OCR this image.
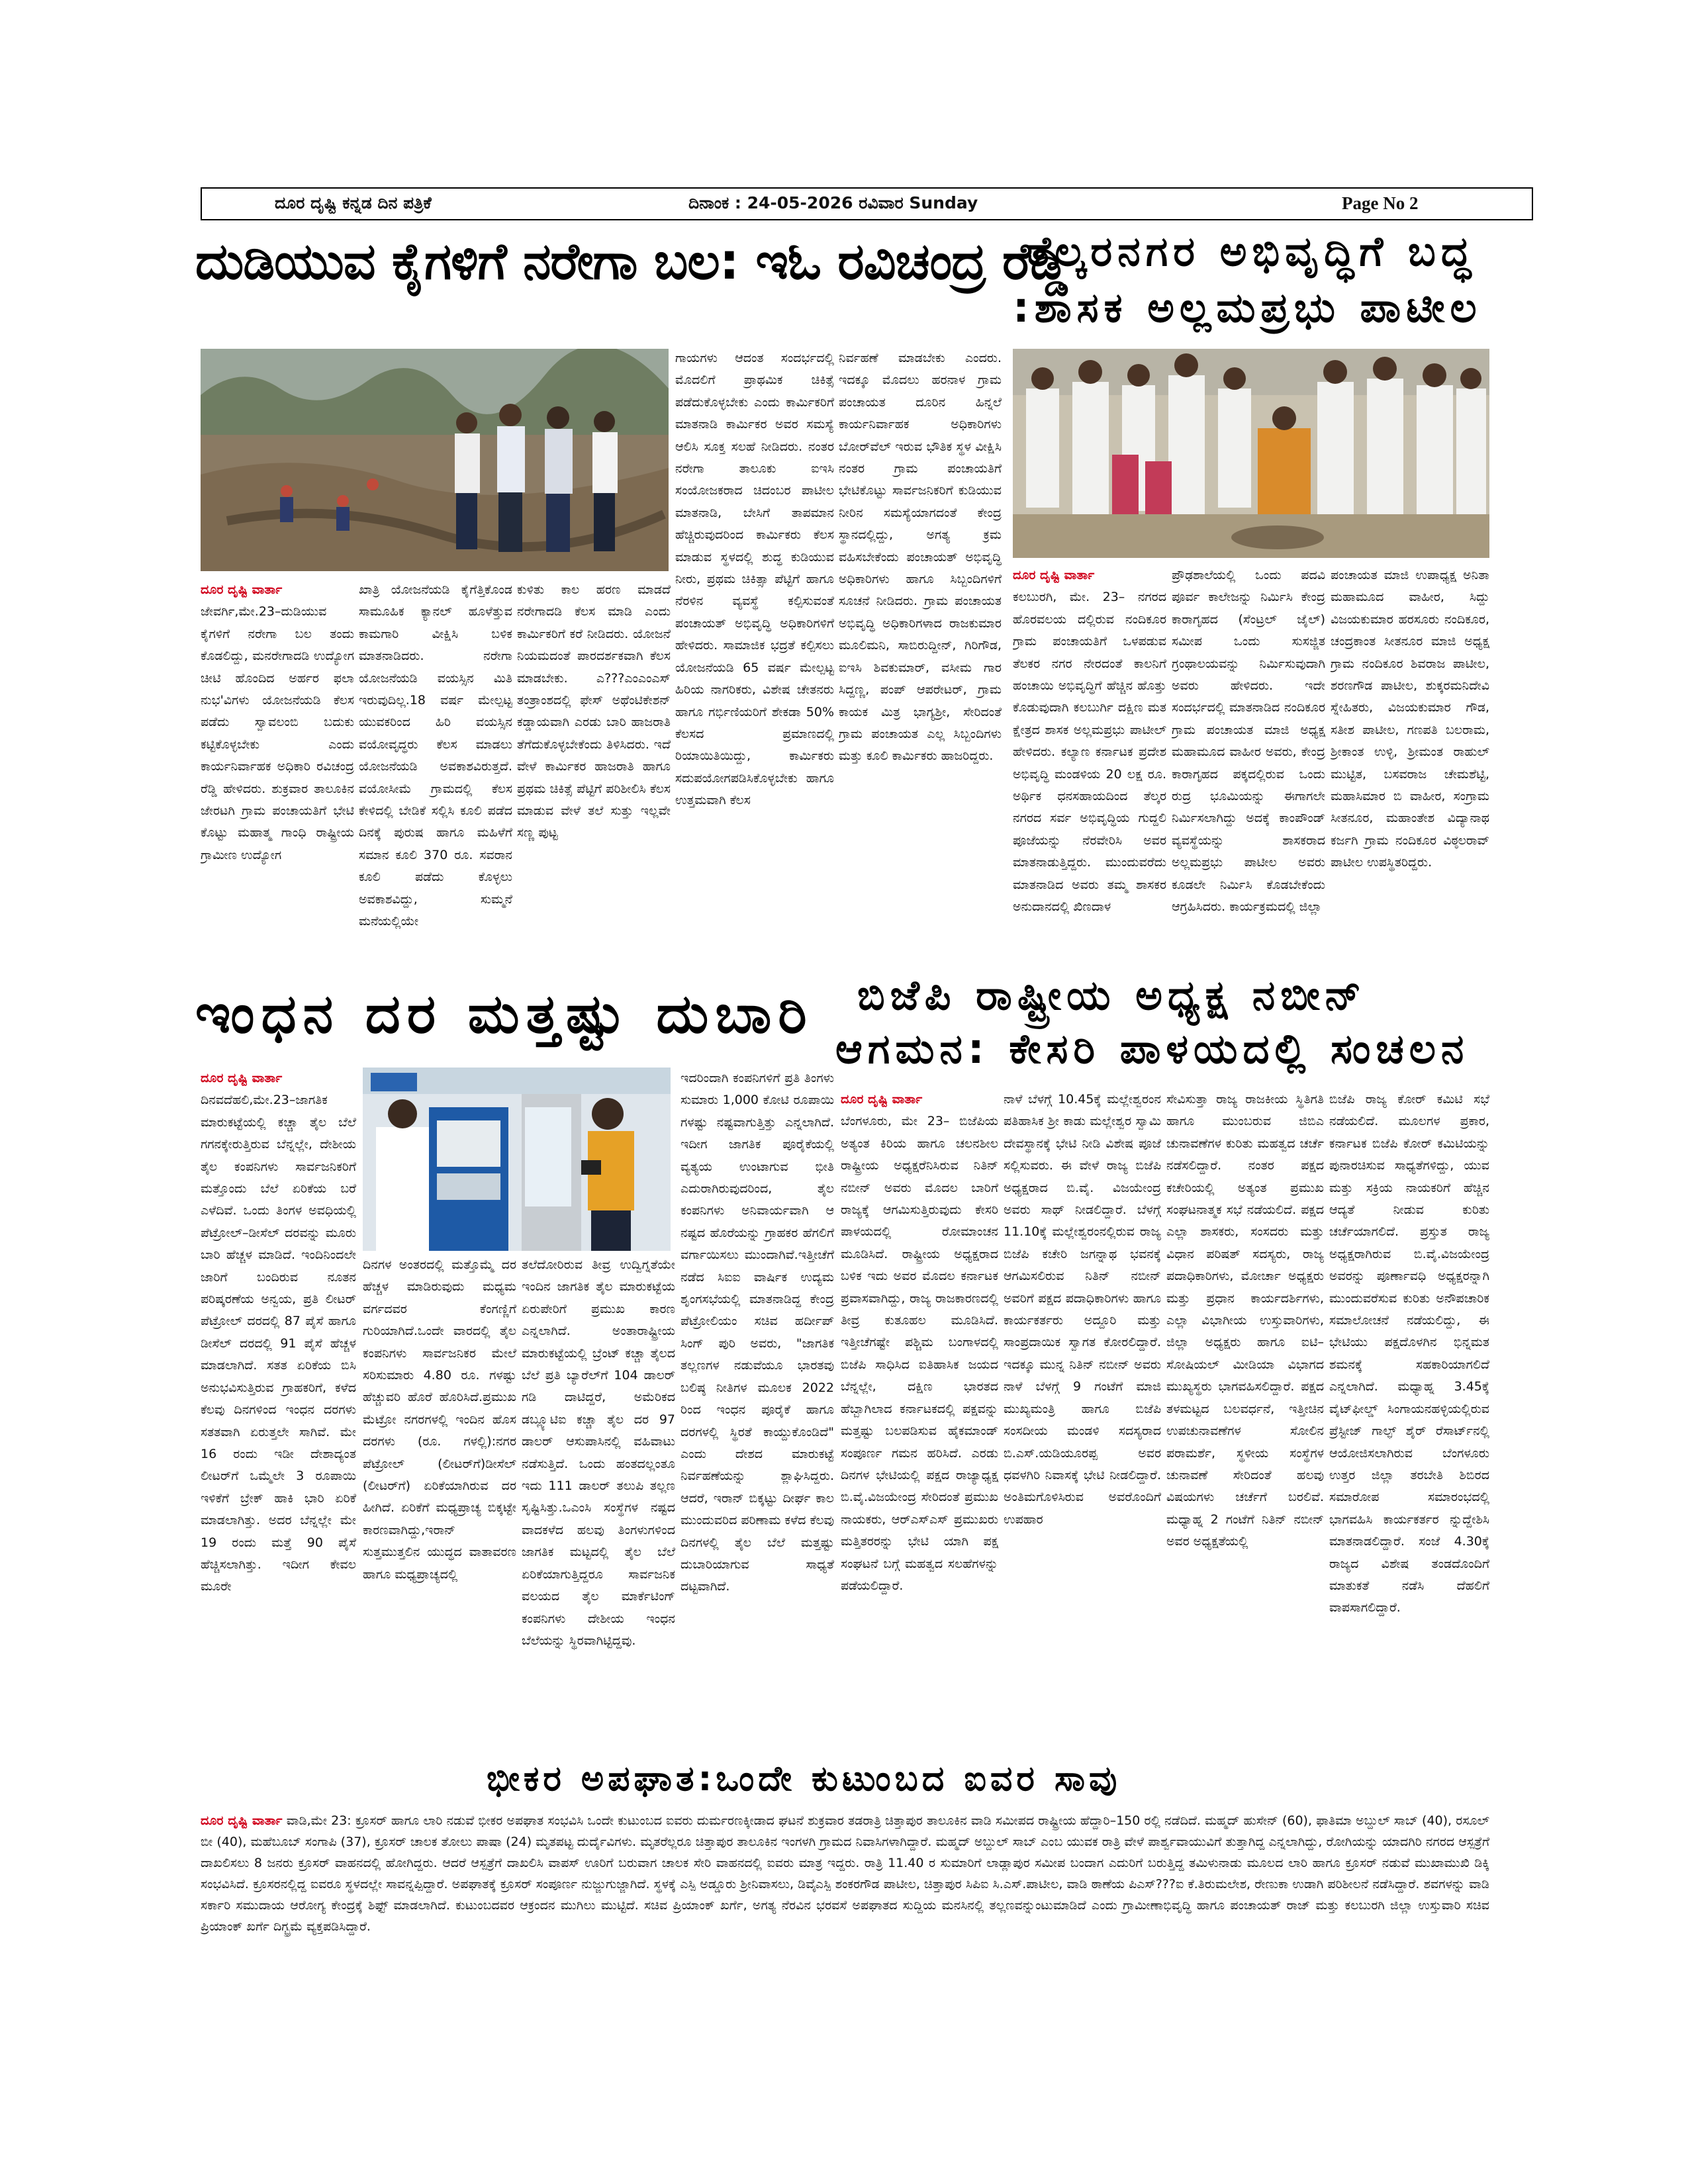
ದೂರ ದೃಷ್ಟಿ ಕನ್ನಡ ದಿನ ಪತ್ರಿಕೆ	ದಿನಾಂಕ : 24-05-2026 ರವಿವಾರ Sunday	Page No 2
ದುಡಿಯುವ ಕೈಗಳಿಗೆ ನರೇಗಾ ಬಲ: ಇಓ ರವಿಚಂದ್ರ ರೆಡ್ಡಿ
ತೆಲ್ಕರನಗರ ಅಭಿವೃದ್ಧಿಗೆ ಬದ್ಧ
:ಶಾಸಕ ಅಲ್ಲಮಪ್ರಭು ಪಾಟೀಲ

ದೂರ ದೃಷ್ಟಿ ವಾರ್ತಾ

ಜೇವರ್ಗಿ,ಮೇ.23–ದುಡಿಯುವ ಕೈಗಳಿಗೆ ನರೇಗಾ ಬಲ ತಂದು ಕೊಡಲಿದ್ದು, ಮನರೇಗಾದಡಿ ಉದ್ಯೋಗ ಚೀಟಿ ಹೊಂದಿದ ಅರ್ಹರ ಫಲಾ ನುಭ'ವಿಗಳು ಯೋಜನೆಯಡಿ ಕೆಲಸ ಪಡೆದು ಸ್ವಾವಲಂಬಿ ಬದುಕು ಕಟ್ಟಿಕೊಳ್ಳಬೇಕು ಎಂದು ಕಾರ್ಯನಿರ್ವಾಹಕ ಅಧಿಕಾರಿ ರವಿಚಂದ್ರ ರೆಡ್ಡಿ ಹೇಳಿದರು. ಶುಕ್ರವಾರ ತಾಲೂಕಿನ ಜೇರಟಗಿ ಗ್ರಾಮ ಪಂಚಾಯತಿಗೆ ಭೇಟಿ ಕೊಟ್ಟು ಮಹಾತ್ಮ ಗಾಂಧಿ ರಾಷ್ಟ್ರೀಯ ಗ್ರಾಮೀಣ ಉದ್ಯೋಗ

ಖಾತ್ರಿ ಯೋಜನೆಯಡಿ ಕೈಗೆತ್ತಿಕೊಂಡ ಸಾಮೂಹಿಕ ಕ್ಯಾನಲ್ ಹೂಳೆತ್ತುವ ಕಾಮಗಾರಿ ವೀಕ್ಷಿಸಿ ಬಳಿಕ ಮಾತನಾಡಿದರು. ನರೇಗಾ ಯೋಜನೆಯಡಿ ವಯಸ್ಸಿನ ಮಿತಿ ಇರುವುದಿಲ್ಲ.18 ವರ್ಷ ಮೇಲ್ಪಟ್ಟ ಯುವಕರಿಂದ ಹಿರಿ ವಯಸ್ಸಿನ ವಯೋವೃದ್ಧರು ಕೆಲಸ ಮಾಡಲು ಯೋಜನೆಯಡಿ ಅವಕಾಶವಿರುತ್ತದೆ. ವಯೋಸೀಮೆ ಗ್ರಾಮದಲ್ಲಿ ಕೆಲಸ ಕೇಳಿದಲ್ಲಿ ಬೇಡಿಕೆ ಸಲ್ಲಿಸಿ ಕೂಲಿ ಪಡೆದ ದಿನಕ್ಕೆ ಪುರುಷ ಹಾಗೂ ಮಹಿಳೆಗೆ ಸಮಾನ ಕೂಲಿ 370 ರೂ. ಸವರಾನ ಕೂಲಿ ಪಡೆದು ಕೊಳ್ಳಲು ಅವಕಾಶವಿದ್ದು, ಸುಮ್ಮನೆ ಮನೆಯಲ್ಲಿಯೇ

ಕುಳಿತು ಕಾಲ ಹರಣ ಮಾಡದೆ ನರೇಗಾದಡಿ ಕೆಲಸ ಮಾಡಿ ಎಂದು ಕಾರ್ಮಿಕರಿಗೆ ಕರೆ ನೀಡಿದರು. ಯೋಜನೆ ನಿಯಮದಂತೆ ಪಾರದರ್ಶಕವಾಗಿ ಕೆಲಸ ಮಾಡಬೇಕು. ಎ???ಎಂಎಂಎಸ್ ತಂತ್ರಾಂಶದಲ್ಲಿ ಫೇಸ್ ಅಥೆಂಟಿಕೇಶನ್ ಕಡ್ಡಾಯವಾಗಿ ಎರಡು ಬಾರಿ ಹಾಜರಾತಿ ತೆಗೆದುಕೊಳ್ಳಬೇಕೆಂದು ತಿಳಿಸಿದರು. ಇದೆ ವೇಳೆ ಕಾರ್ಮಿಕರ ಹಾಜರಾತಿ ಹಾಗೂ ಪ್ರಥಮ ಚಿಕಿತ್ಸೆ ಪೆಟ್ಟಿಗೆ ಪರಿಶೀಲಿಸಿ ಕೆಲಸ ಮಾಡುವ ವೇಳೆ ತಲೆ ಸುತ್ತು ಇಲ್ಲವೇ ಸಣ್ಣ ಪುಟ್ಟ

ಗಾಯಗಳು ಆದಂತ ಸಂದರ್ಭದಲ್ಲಿ ಮೊದಲಿಗೆ ಪ್ರಾಥಮಿಕ ಚಿಕಿತ್ಸೆ ಪಡೆದುಕೊಳ್ಳಬೇಕು ಎಂದು ಕಾರ್ಮಿಕರಿಗೆ ಮಾತನಾಡಿ ಕಾರ್ಮಿಕರ ಅವರ ಸಮಸ್ಯೆ ಆಲಿಸಿ ಸೂಕ್ತ ಸಲಹೆ ನೀಡಿದರು. ನಂತರ ನರೇಗಾ ತಾಲೂಕು ಐಇಸಿ ಸಂಯೋಜಕರಾದ ಚಿದಂಬರ ಪಾಟೀಲ ಮಾತನಾಡಿ, ಬೇಸಿಗೆ ತಾಪಮಾನ ಹೆಚ್ಚಿರುವುದರಿಂದ ಕಾರ್ಮಿಕರು ಕೆಲಸ ಮಾಡುವ ಸ್ಥಳದಲ್ಲಿ ಶುದ್ಧ ಕುಡಿಯುವ ನೀರು, ಪ್ರಥಮ ಚಿಕಿತ್ಸಾ ಪೆಟ್ಟಿಗೆ ಹಾಗೂ ನೆರಳಿನ ವ್ಯವಸ್ಥೆ ಕಲ್ಪಿಸುವಂತೆ ಪಂಚಾಯತ್ ಅಭಿವೃದ್ಧಿ ಅಧಿಕಾರಿಗಳಿಗೆ ಹೇಳಿದರು. ಸಾಮಾಜಿಕ ಭದ್ರತೆ ಕಲ್ಪಿಸಲು ಯೋಜನೆಯಡಿ 65 ವರ್ಷ ಮೇಲ್ಪಟ್ಟ ಹಿರಿಯ ನಾಗರಿಕರು, ವಿಶೇಷ ಚೇತನರು ಹಾಗೂ ಗರ್ಭಿಣಿಯರಿಗೆ ಶೇಕಡಾ 50% ಕೆಲಸದ ಪ್ರಮಾಣದಲ್ಲಿ ರಿಯಾಯಿತಿಯಿದ್ದು, ಕಾರ್ಮಿಕರು ಸದುಪಯೋಗಪಡಿಸಿಕೊಳ್ಳಬೇಕು ಹಾಗೂ ಉತ್ತಮವಾಗಿ ಕೆಲಸ

ನಿರ್ವಹಣೆ ಮಾಡಬೇಕು ಎಂದರು. ಇದಕ್ಕೂ ಮೊದಲು ಹರನಾಳ ಗ್ರಾಮ ಪಂಚಾಯತ ದೂರಿನ ಹಿನ್ನಲೆ ಕಾರ್ಯನಿರ್ವಾಹಕ ಅಧಿಕಾರಿಗಳು ಬೋರ್‌ವೆಲ್ ಇರುವ ಭೌತಿಕ ಸ್ಥಳ ವೀಕ್ಷಿಸಿ ನಂತರ ಗ್ರಾಮ ಪಂಚಾಯತಿಗೆ ಭೇಟಿಕೊಟ್ಟು ಸಾರ್ವಜನಿಕರಿಗೆ ಕುಡಿಯುವ ನೀರಿನ ಸಮಸ್ಯೆಯಾಗದಂತೆ ಕೇಂದ್ರ ಸ್ಥಾನದಲ್ಲಿದ್ದು, ಅಗತ್ಯ ಕ್ರಮ ವಹಿಸಬೇಕೆಂದು ಪಂಚಾಯತ್ ಅಭಿವೃದ್ಧಿ ಅಧಿಕಾರಿಗಳು ಹಾಗೂ ಸಿಬ್ಬಂದಿಗಳಿಗೆ ಸೂಚನೆ ನೀಡಿದರು. ಗ್ರಾಮ ಪಂಚಾಯತ ಅಭಿವೃದ್ಧಿ ಅಧಿಕಾರಿಗಳಾದ ರಾಜಕುಮಾರ ಮೂಲಿಮನಿ, ಸಾಬಿರುದ್ದೀನ್, ಗಿರಿಗೌಡ, ಐಇಸಿ ಶಿವಕುಮಾರ್, ವಸೀಮ ಗಾರ ಸಿದ್ದಣ್ಣ, ಪಂಪ್ ಆಪರೇಟರ್, ಗ್ರಾಮ ಕಾಯಕ ಮಿತ್ರ ಭಾಗ್ಯಶ್ರೀ, ಸೇರಿದಂತೆ ಗ್ರಾಮ ಪಂಚಾಯತ ಎಲ್ಲ ಸಿಬ್ಬಂದಿಗಳು ಮತ್ತು ಕೂಲಿ ಕಾರ್ಮಿಕರು ಹಾಜರಿದ್ದರು.

ದೂರ ದೃಷ್ಟಿ ವಾರ್ತಾ

ಕಲಬುರಗಿ, ಮೇ. 23– ನಗರದ ಹೊರವಲಯ ದಲ್ಲಿರುವ ನಂದಿಕೂರ ಗ್ರಾಮ ಪಂಚಾಯತಿಗೆ ಒಳಪಡುವ ತೆಲಕರ ನಗರ ನೇರದಂತೆ ಕಾಲನಿಗೆ ಹಂಚಾಯಿ ಅಭಿವೃದ್ಧಿಗೆ ಹೆಚ್ಚಿನ ಹೊತ್ತು ಕೊಡುವುದಾಗಿ ಕಲಬುರ್ಗಿ ದಕ್ಷಿಣ ಮತ ಕ್ಷೇತ್ರದ ಶಾಸಕ ಅಲ್ಲಮಪ್ರಭು ಪಾಟೀಲ್ ಹೇಳಿದರು. ಕಲ್ಯಾಣ ಕರ್ನಾಟಕ ಪ್ರದೇಶ ಅಭಿವೃದ್ಧಿ ಮಂಡಳಿಯ 20 ಲಕ್ಷ ರೂ. ಅರ್ಥಿಕ ಧನಸಹಾಯದಿಂದ ತೆಲ್ಕರ ನಗರದ ಸರ್ವ ಅಭಿವೃದ್ಧಿಯ ಗುದ್ದಲಿ ಪೂಜೆಯನ್ನು ನೆರವೇರಿಸಿ ಅವರ ಮಾತನಾಡುತ್ತಿದ್ದರು. ಮುಂದುವರೆದು ಮಾತನಾಡಿದ ಅವರು ತಮ್ಮ ಶಾಸಕರ ಅನುದಾನದಲ್ಲಿ ಖಿಣದಾಳ

ಪ್ರೌಢಶಾಲೆಯಲ್ಲಿ ಒಂದು ಪದವಿ ಪೂರ್ವ ಕಾಲೇಜನ್ನು ನಿರ್ಮಿಸಿ ಕೇಂದ್ರ ಕಾರಾಗೃಹದ (ಸೆಂಟ್ರಲ್ ಜೈಲ್) ಸಮೀಪ ಒಂದು ಸುಸಜ್ಜಿತ ಗ್ರಂಥಾಲಯವನ್ನು ನಿರ್ಮಿಸುವುದಾಗಿ ಅವರು ಹೇಳಿದರು. ಇದೇ ಸಂದರ್ಭದಲ್ಲಿ ಮಾತನಾಡಿದ ನಂದಿಕೂರ ಗ್ರಾಮ ಪಂಚಾಯತ ಮಾಜಿ ಅಧ್ಯಕ್ಷ ಮಹಾಮೂದ ವಾಹೀರ ಅವರು, ಕೇಂದ್ರ ಕಾರಾಗೃಹದ ಪಕ್ಕದಲ್ಲಿರುವ ಒಂದು ರುದ್ರ ಭೂಮಿಯನ್ನು ಈಗಾಗಲೇ ನಿರ್ಮಿಸಲಾಗಿದ್ದು ಅದಕ್ಕೆ ಕಾಂಪೌಂಡ್ ವ್ಯವಸ್ಥೆಯನ್ನು ಶಾಸಕರಾದ ಅಲ್ಲಮಪ್ರಭು ಪಾಟೀಲ ಅವರು ಕೂಡಲೇ ನಿರ್ಮಿಸಿ ಕೊಡಬೇಕೆಂದು ಆಗ್ರಹಿಸಿದರು. ಕಾರ್ಯಕ್ರಮದಲ್ಲಿ ಜಿಲ್ಲಾ

ಪಂಚಾಯತ ಮಾಜಿ ಉಪಾಧ್ಯಕ್ಷ ಅನಿತಾ ಮಹಾಮೂದ ವಾಹೀರ, ಸಿದ್ದು ವಿಜಯಕುಮಾರ ಹರಸೂರು ನಂದಿಕೂರ, ಚಂದ್ರಕಾಂತ ಸೀತನೂರ ಮಾಜಿ ಅಧ್ಯಕ್ಷ ಗ್ರಾಮ ನಂದಿಕೂರ ಶಿವರಾಜ ಪಾಟೀಲ, ಶರಣಗೌಡ ಪಾಟೀಲ, ಶುಕ್ಕರಮನಿದೇವಿ ಸ್ನೇಹಿತರು, ವಿಜಯಕುಮಾರ ಗೌಡ, ಸತೀಶ ಪಾಟೀಲ, ಗಣಪತಿ ಬಲರಾಮ, ಶ್ರೀಕಾಂತ ಉಳ್ಳಿ, ಶ್ರೀಮಂತ ರಾಹುಲ್ ಮುಟ್ಟಿತ, ಬಸವರಾಜ ಚೇಮಶೆಟ್ಟಿ, ಮಹಾಸಿಮಾರ ಬಿ ವಾಹೀರ, ಸಂಗ್ರಾಮ ಸೀತನೂರ, ಮಹಾಂತೇಶ ವಿದ್ಯಾನಾಥ ಕರ್ಜಗಿ ಗ್ರಾಮ ನಂದಿಕೂರ ವಿಠ್ಠಲರಾವ್ ಪಾಟೀಲ ಉಪಸ್ಥಿತರಿದ್ದರು.

ಇಂಧನ ದರ ಮತ್ತಷ್ಟು ದುಬಾರಿ ಬಿಜೆಪಿ ರಾಷ್ಟ್ರೀಯ ಅಧ್ಯಕ್ಷ ನಬೀನ್
ಆಗಮನ: ಕೇಸರಿ ಪಾಳಯದಲ್ಲಿ ಸಂಚಲನ

ದೂರ ದೃಷ್ಟಿ ವಾರ್ತಾ

ದಿನವದೆಹಲಿ,ಮೇ.23–ಜಾಗತಿಕ ಮಾರುಕಟ್ಟೆಯಲ್ಲಿ ಕಚ್ಚಾ ತೈಲ ಬೆಲೆ ಗಗನಕ್ಕೇರುತ್ತಿರುವ ಬೆನ್ನಲ್ಲೇ, ದೇಶೀಯ ತೈಲ ಕಂಪನಿಗಳು ಸಾರ್ವಜನಿಕರಿಗೆ ಮತ್ತೊಂದು ಬೆಲೆ ಏರಿಕೆಯ ಬರೆ ಎಳೆದಿವೆ. ಒಂದು ತಿಂಗಳ ಅವಧಿಯಲ್ಲಿ ಪೆಟ್ರೋಲ್–ಡೀಸೆಲ್ ದರವನ್ನು ಮೂರು ಬಾರಿ ಹೆಚ್ಚಳ ಮಾಡಿದೆ. ಇಂದಿನಿಂದಲೇ ಜಾರಿಗೆ ಬಂದಿರುವ ನೂತನ ಪರಿಷ್ಕರಣೆಯ ಅನ್ವಯ, ಪ್ರತಿ ಲೀಟರ್ ಪೆಟ್ರೋಲ್ ದರದಲ್ಲಿ 87 ಪೈಸೆ ಹಾಗೂ ಡೀಸೆಲ್ ದರದಲ್ಲಿ 91 ಪೈಸೆ ಹೆಚ್ಚಳ ಮಾಡಲಾಗಿದೆ. ಸತತ ಏರಿಕೆಯ ಬಿಸಿ ಅನುಭವಿಸುತ್ತಿರುವ ಗ್ರಾಹಕರಿಗೆ, ಕಳೆದ ಕೆಲವು ದಿನಗಳಿಂದ ಇಂಧನ ದರಗಳು ಸತತವಾಗಿ ಏರುತ್ತಲೇ ಸಾಗಿವೆ. ಮೇ 16 ರಂದು ಇಡೀ ದೇಶಾದ್ಯಂತ ಲೀಟರ್‌ಗೆ ಒಮ್ಮೆಲೇ 3 ರೂಪಾಯಿ ಇಳಿಕೆಗೆ ಬ್ರೇಕ್ ಹಾಕಿ ಭಾರಿ ಏರಿಕೆ ಮಾಡಲಾಗಿತ್ತು. ಅದರ ಬೆನ್ನಲ್ಲೇ ಮೇ 19 ರಂದು ಮತ್ತೆ 90 ಪೈಸೆ ಹೆಚ್ಚಿಸಲಾಗಿತ್ತು. ಇದೀಗ ಕೇವಲ ಮೂರೇ

ದಿನಗಳ ಅಂತರದಲ್ಲಿ ಮತ್ತೊಮ್ಮೆ ದರ ಹೆಚ್ಚಳ ಮಾಡಿರುವುದು ಮಧ್ಯಮ ವರ್ಗದವರ ಕೆಂಗಣ್ಣಿಗೆ ಗುರಿಯಾಗಿದೆ.ಒಂದೇ ವಾರದಲ್ಲಿ ತೈಲ ಕಂಪನಿಗಳು ಸಾರ್ವಜನಿಕರ ಮೇಲೆ ಸರಿಸುಮಾರು 4.80 ರೂ. ಗಳಷ್ಟು ಹೆಚ್ಚುವರಿ ಹೊರೆ ಹೊರಿಸಿದೆ.ಪ್ರಮುಖ ಮೆಟ್ರೋ ನಗರಗಳಲ್ಲಿ ಇಂದಿನ ಹೊಸ ದರಗಳು (ರೂ. ಗಳಲ್ಲಿ):ನಗರ ಪೆಟ್ರೋಲ್ (ಲೀಟರ್‌ಗೆ)ಡೀಸೆಲ್ (ಲೀಟರ್‌ಗೆ) ಏರಿಕೆಯಾಗಿರುವ ದರ ಹೀಗಿದೆ. ಏರಿಕೆಗೆ ಮಧ್ಯಪ್ರಾಚ್ಯ ಬಿಕ್ಕಟ್ಟೇ ಕಾರಣವಾಗಿದ್ದು,ಇರಾನ್ ಸುತ್ತಮುತ್ತಲಿನ ಯುದ್ಧದ ವಾತಾವರಣ ಹಾಗೂ ಮಧ್ಯಪ್ರಾಚ್ಯದಲ್ಲಿ

ತಲೆದೋರಿರುವ ತೀವ್ರ ಉದ್ವಿಗ್ನತೆಯೇ ಇಂದಿನ ಜಾಗತಿಕ ತೈಲ ಮಾರುಕಟ್ಟೆಯ ಏರುಪೇರಿಗೆ ಪ್ರಮುಖ ಕಾರಣ ಎನ್ನಲಾಗಿದೆ. ಅಂತಾರಾಷ್ಟ್ರೀಯ ಮಾರುಕಟ್ಟೆಯಲ್ಲಿ ಬ್ರೆಂಟ್ ಕಚ್ಚಾ ತೈಲದ ಬೆಲೆ ಪ್ರತಿ ಬ್ಯಾರೆಲ್‌ಗೆ 104 ಡಾಲರ್ ಗಡಿ ದಾಟಿದ್ದರೆ, ಅಮೆರಿಕದ ಡಬ್ಲ್ಯೂಟಿಐ ಕಚ್ಚಾ ತೈಲ ದರ 97 ಡಾಲರ್ ಆಸುಪಾಸಿನಲ್ಲಿ ವಹಿವಾಟು ನಡೆಸುತ್ತಿದೆ. ಒಂದು ಹಂತದಲ್ಲಂತೂ ಇದು 111 ಡಾಲರ್ ತಲುಪಿ ತಲ್ಲಣ ಸೃಷ್ಟಿಸಿತ್ತು.ಒಎಂಸಿ ಸಂಸ್ಥೆಗಳ ನಷ್ಟದ ವಾದಕಳೆದ ಹಲವು ತಿಂಗಳುಗಳಿಂದ ಜಾಗತಿಕ ಮಟ್ಟದಲ್ಲಿ ತೈಲ ಬೆಲೆ ಏರಿಕೆಯಾಗುತ್ತಿದ್ದರೂ ಸಾರ್ವಜನಿಕ ವಲಯದ ತೈಲ ಮಾರ್ಕೆಟಿಂಗ್ ಕಂಪನಿಗಳು ದೇಶೀಯ ಇಂಧನ ಬೆಲೆಯನ್ನು ಸ್ಥಿರವಾಗಿಟ್ಟಿದ್ದವು.

ಇದರಿಂದಾಗಿ ಕಂಪನಿಗಳಿಗೆ ಪ್ರತಿ ತಿಂಗಳು ಸುಮಾರು 1,000 ಕೋಟಿ ರೂಪಾಯಿ ಗಳಷ್ಟು ನಷ್ಟವಾಗುತ್ತಿತ್ತು ಎನ್ನಲಾಗಿದೆ. ಇದೀಗ ಜಾಗತಿಕ ಪೂರೈಕೆಯಲ್ಲಿ ವ್ಯತ್ಯಯ ಉಂಟಾಗುವ ಭೀತಿ ಎದುರಾಗಿರುವುದರಿಂದ, ತೈಲ ಕಂಪನಿಗಳು ಅನಿವಾರ್ಯವಾಗಿ ಆ ನಷ್ಟದ ಹೊರೆಯನ್ನು ಗ್ರಾಹಕರ ಹೆಗಲಿಗೆ ವರ್ಗಾಯಿಸಲು ಮುಂದಾಗಿವೆ.ಇತ್ತೀಚೆಗೆ ನಡೆದ ಸಿಐಐ ವಾರ್ಷಿಕ ಉದ್ಯಮ ಶೃಂಗಸಭೆಯಲ್ಲಿ ಮಾತನಾಡಿದ್ದ ಕೇಂದ್ರ ಪೆಟ್ರೋಲಿಯಂ ಸಚಿವ ಹರ್ದೀಪ್ ಸಿಂಗ್ ಪುರಿ ಅವರು, "ಜಾಗತಿಕ ತಲ್ಲಣಗಳ ನಡುವೆಯೂ ಭಾರತವು ಬಲಿಷ್ಠ ನೀತಿಗಳ ಮೂಲಕ 2022 ರಿಂದ ಇಂಧನ ಪೂರೈಕೆ ಹಾಗೂ ದರಗಳಲ್ಲಿ ಸ್ಥಿರತೆ ಕಾಯ್ದುಕೊಂಡಿದೆ" ಎಂದು ದೇಶದ ಮಾರುಕಟ್ಟೆ ನಿರ್ವಹಣೆಯನ್ನು ಶ್ಲಾಘಿಸಿದ್ದರು. ಆದರೆ, ಇರಾನ್ ಬಿಕ್ಕಟ್ಟು ದೀರ್ಘ ಕಾಲ ಮುಂದುವರಿದ ಪರಿಣಾಮ ಕಳೆದ ಕೆಲವು ದಿನಗಳಲ್ಲಿ ತೈಲ ಬೆಲೆ ಮತ್ತಷ್ಟು ದುಬಾರಿಯಾಗುವ ಸಾಧ್ಯತೆ ದಟ್ಟವಾಗಿದೆ.

ದೂರ ದೃಷ್ಟಿ ವಾರ್ತಾ

ಬೆಂಗಳೂರು, ಮೇ 23– ಬಿಜೆಪಿಯ ಅತ್ಯಂತ ಕಿರಿಯ ಹಾಗೂ ಚಲನಶೀಲ ರಾಷ್ಟ್ರೀಯ ಅಧ್ಯಕ್ಷರೆನಿಸಿರುವ ನಿತಿನ್ ನಬೀನ್ ಅವರು ಮೊದಲ ಬಾರಿಗೆ ರಾಜ್ಯಕ್ಕೆ ಆಗಮಿಸುತ್ತಿರುವುದು ಕೇಸರಿ ಪಾಳಯದಲ್ಲಿ ರೋಮಾಂಚನ ಮೂಡಿಸಿದೆ. ರಾಷ್ಟ್ರೀಯ ಅಧ್ಯಕ್ಷರಾದ ಬಳಿಕ ಇದು ಅವರ ಮೊದಲ ಕರ್ನಾಟಕ ಪ್ರವಾಸವಾಗಿದ್ದು, ರಾಜ್ಯ ರಾಜಕಾರಣದಲ್ಲಿ ತೀವ್ರ ಕುತೂಹಲ ಮೂಡಿಸಿದೆ. ಇತ್ತೀಚೆಗಷ್ಟೇ ಪಶ್ಚಿಮ ಬಂಗಾಳದಲ್ಲಿ ಬಿಜೆಪಿ ಸಾಧಿಸಿದ ಐತಿಹಾಸಿಕ ಜಯದ ಬೆನ್ನಲ್ಲೇ, ದಕ್ಷಿಣ ಭಾರತದ ಹೆಬ್ಬಾಗಿಲಾದ ಕರ್ನಾಟಕದಲ್ಲಿ ಪಕ್ಷವನ್ನು ಮತ್ತಷ್ಟು ಬಲಪಡಿಸುವ ಹೈಕಮಾಂಡ್ ಸಂಪೂರ್ಣ ಗಮನ ಹರಿಸಿದೆ. ಎರಡು ದಿನಗಳ ಭೇಟಿಯಲ್ಲಿ ಪಕ್ಷದ ರಾಜ್ಯಾಧ್ಯಕ್ಷ ಬಿ.ವೈ.ವಿಜಯೇಂದ್ರ ಸೇರಿದಂತೆ ಪ್ರಮುಖ ನಾಯಕರು, ಆರ್‌ಎಸ್‌ಎಸ್ ಪ್ರಮುಖರು ಮತ್ತಿತರರನ್ನು ಭೇಟಿ ಯಾಗಿ ಪಕ್ಷ ಸಂಘಟನೆ ಬಗ್ಗೆ ಮಹತ್ವದ ಸಲಹೆಗಳನ್ನು ಪಡೆಯಲಿದ್ದಾರೆ.

ನಾಳೆ ಬೆಳಗ್ಗೆ 10.45ಕ್ಕೆ ಮಲ್ಲೇಶ್ವರಂನ ಪತಿಹಾಸಿಕ ಶ್ರೀ ಕಾಡು ಮಲ್ಲೇಶ್ವರ ಸ್ವಾಮಿ ದೇವಸ್ಥಾನಕ್ಕೆ ಭೇಟಿ ನೀಡಿ ವಿಶೇಷ ಪೂಜೆ ಸಲ್ಲಿಸುವರು. ಈ ವೇಳೆ ರಾಜ್ಯ ಬಿಜೆಪಿ ಅಧ್ಯಕ್ಷರಾದ ಬಿ.ವೈ. ವಿಜಯೇಂದ್ರ ಅವರು ಸಾಥ್ ನೀಡಲಿದ್ದಾರೆ. ಬೆಳಗ್ಗೆ 11.10ಕ್ಕೆ ಮಲ್ಲೇಶ್ವರಂನಲ್ಲಿರುವ ರಾಜ್ಯ ಬಿಜೆಪಿ ಕಚೇರಿ ಜಗನ್ನಾಥ ಭವನಕ್ಕೆ ಆಗಮಿಸಲಿರುವ ನಿತಿನ್ ನಬೀನ್ ಅವರಿಗೆ ಪಕ್ಷದ ಪದಾಧಿಕಾರಿಗಳು ಹಾಗೂ ಕಾರ್ಯಕರ್ತರು ಅದ್ದೂರಿ ಮತ್ತು ಸಾಂಪ್ರದಾಯಿಕ ಸ್ವಾಗತ ಕೋರಲಿದ್ದಾರೆ. ಇದಕ್ಕೂ ಮುನ್ನ ನಿತಿನ್ ನಬೀನ್ ಅವರು ನಾಳೆ ಬೆಳಗ್ಗೆ 9 ಗಂಟೆಗೆ ಮಾಜಿ ಮುಖ್ಯಮಂತ್ರಿ ಹಾಗೂ ಬಿಜೆಪಿ ಸಂಸದೀಯ ಮಂಡಳಿ ಸದಸ್ಯರಾದ ಬಿ.ಎಸ್.ಯಡಿಯೂರಪ್ಪ ಅವರ ಧವಳಗಿರಿ ನಿವಾಸಕ್ಕೆ ಭೇಟಿ ನೀಡಲಿದ್ದಾರೆ. ಅಂತಿಮಗೊಳಿಸಿರುವ ಅವರೊಂದಿಗೆ ಉಪಹಾರ

ಸೇವಿಸುತ್ತಾ ರಾಜ್ಯ ರಾಜಕೀಯ ಸ್ಥಿತಿಗತಿ ಹಾಗೂ ಮುಂಬರುವ ಜಿಬಿಎ ಚುನಾವಣೆಗಳ ಕುರಿತು ಮಹತ್ವದ ಚರ್ಚೆ ನಡೆಸಲಿದ್ದಾರೆ. ನಂತರ ಪಕ್ಷದ ಕಚೇರಿಯಲ್ಲಿ ಅತ್ಯಂತ ಪ್ರಮುಖ ಸಂಘಟನಾತ್ಮಕ ಸಭೆ ನಡೆಯಲಿದೆ. ಪಕ್ಷದ ಎಲ್ಲಾ ಶಾಸಕರು, ಸಂಸದರು ಮತ್ತು ವಿಧಾನ ಪರಿಷತ್ ಸದಸ್ಯರು, ರಾಜ್ಯ ಪದಾಧಿಕಾರಿಗಳು, ಮೋರ್ಚಾ ಅಧ್ಯಕ್ಷರು ಮತ್ತು ಪ್ರಧಾನ ಕಾರ್ಯದರ್ಶಿಗಳು, ಎಲ್ಲಾ ವಿಭಾಗೀಯ ಉಸ್ತುವಾರಿಗಳು, ಜಿಲ್ಲಾ ಅಧ್ಯಕ್ಷರು ಹಾಗೂ ಐಟಿ–ಸೋಷಿಯಲ್ ಮೀಡಿಯಾ ವಿಭಾಗದ ಮುಖ್ಯಸ್ಥರು ಭಾಗವಹಿಸಲಿದ್ದಾರೆ. ಪಕ್ಷದ ತಳಮಟ್ಟದ ಬಲವರ್ಧನೆ, ಇತ್ತೀಚಿನ ಉಪಚುನಾವಣೆಗಳ ಸೋಲಿನ ಪರಾಮರ್ಶೆ, ಸ್ಥಳೀಯ ಸಂಸ್ಥೆಗಳ ಚುನಾವಣೆ ಸೇರಿದಂತೆ ಹಲವು ವಿಷಯಗಳು ಚರ್ಚೆಗೆ ಬರಲಿವೆ. ಮಧ್ಯಾಹ್ನ 2 ಗಂಟೆಗೆ ನಿತಿನ್ ನಬೀನ್ ಅವರ ಅಧ್ಯಕ್ಷತೆಯಲ್ಲಿ

ಬಿಜೆಪಿ ರಾಜ್ಯ ಕೋರ್ ಕಮಿಟಿ ಸಭೆ ನಡೆಯಲಿದೆ. ಮೂಲಗಳ ಪ್ರಕಾರ, ಕರ್ನಾಟಕ ಬಿಜೆಪಿ ಕೋರ್ ಕಮಿಟಿಯನ್ನು ಪುನಾರಚಿಸುವ ಸಾಧ್ಯತೆಗಳಿದ್ದು, ಯುವ ಮತ್ತು ಸಕ್ರಿಯ ನಾಯಕರಿಗೆ ಹೆಚ್ಚಿನ ಆದ್ಯತೆ ನೀಡುವ ಕುರಿತು ಚರ್ಚೆಯಾಗಲಿದೆ. ಪ್ರಸ್ತುತ ರಾಜ್ಯ ಅಧ್ಯಕ್ಷರಾಗಿರುವ ಬಿ.ವೈ.ವಿಜಯೇಂದ್ರ ಅವರನ್ನು ಪೂರ್ಣಾವಧಿ ಅಧ್ಯಕ್ಷರನ್ನಾಗಿ ಮುಂದುವರೆಸುವ ಕುರಿತು ಅನೌಪಚಾರಿಕ ಸಮಾಲೋಚನೆ ನಡೆಯಲಿದ್ದು, ಈ ಭೇಟಿಯು ಪಕ್ಷದೊಳಗಿನ ಭಿನ್ನಮತ ಶಮನಕ್ಕೆ ಸಹಕಾರಿಯಾಗಲಿದೆ ಎನ್ನಲಾಗಿದೆ. ಮಧ್ಯಾಹ್ನ 3.45ಕ್ಕೆ ವೈಟ್‌ಫೀಲ್ಡ್ ಸಿಂಗಾಯನಹಳ್ಳಿಯಲ್ಲಿರುವ ಪ್ರೆಸ್ಟೀಜ್ ಗಾಲ್ಫ್ ಶೈರ್ ರೆಸಾರ್ಟ್‌ನಲ್ಲಿ ಆಯೋಜಿಸಲಾಗಿರುವ ಬೆಂಗಳೂರು ಉತ್ತರ ಜಿಲ್ಲಾ ತರಬೇತಿ ಶಿಬಿರದ ಸಮಾರೋಪ ಸಮಾರಂಭದಲ್ಲಿ ಭಾಗವಹಿಸಿ ಕಾರ್ಯಕರ್ತರ ನ್ನುದ್ದೇಶಿಸಿ ಮಾತನಾಡಲಿದ್ದಾರೆ. ಸಂಜೆ 4.30ಕ್ಕೆ ರಾಜ್ಯದ ವಿಶೇಷ ತಂಡದೊಂದಿಗೆ ಮಾತುಕತೆ ನಡೆಸಿ ದೆಹಲಿಗೆ ವಾಪಸಾಗಲಿದ್ದಾರೆ.

ಭೀಕರ ಅಪಘಾತ:ಒಂದೇ ಕುಟುಂಬದ ಐವರ ಸಾವು

ದೂರ ದೃಷ್ಟಿ ವಾರ್ತಾ ವಾಡಿ,ಮೇ 23: ಕ್ರೂಸರ್ ಹಾಗೂ ಲಾರಿ ನಡುವೆ ಭೀಕರ ಅಪಘಾತ ಸಂಭವಿಸಿ ಒಂದೇ ಕುಟುಂಬದ ಐವರು ದುರ್ಮರಣಕ್ಕೀಡಾದ ಘಟನೆ ಶುಕ್ರವಾರ ತಡರಾತ್ರಿ ಚಿತ್ತಾಪುರ ತಾಲೂಕಿನ ವಾಡಿ ಸಮೀಪದ ರಾಷ್ಟ್ರೀಯ ಹೆದ್ದಾರಿ–150 ರಲ್ಲಿ ನಡೆದಿದೆ. ಮಹ್ಮದ್ ಹುಸೇನ್ (60), ಫಾತಿಮಾ ಅಬ್ದುಲ್ ಸಾಬ್ (40), ರಸೂಲ್ ಬೀ (40), ಮಹೆಬೂಬ್ ಸಂಗಾಪಿ (37), ಕ್ರೂಸರ್ ಚಾಲಕ ತೋಲು ಪಾಷಾ (24) ಮೃತಪಟ್ಟ ದುರ್ದೈವಿಗಳು. ಮೃತರೆಲ್ಲರೂ ಚಿತ್ತಾಪುರ ತಾಲೂಕಿನ ಇಂಗಳಗಿ ಗ್ರಾಮದ ನಿವಾಸಿಗಳಾಗಿದ್ದಾರೆ. ಮಹ್ಮದ್ ಅಬ್ದುಲ್ ಸಾಬ್ ಎಂಬ ಯುವಕ ರಾತ್ರಿ ವೇಳೆ ಪಾರ್ಶ್ವವಾಯುವಿಗೆ ತುತ್ತಾಗಿದ್ದ ಎನ್ನಲಾಗಿದ್ದು, ರೋಗಿಯನ್ನು ಯಾದಗಿರಿ ನಗರದ ಆಸ್ಪತ್ರೆಗೆ ದಾಖಲಿಸಲು 8 ಜನರು ಕ್ರೂಸರ್ ವಾಹನದಲ್ಲಿ ಹೋಗಿದ್ದರು. ಆದರೆ ಆಸ್ಪತ್ರೆಗೆ ದಾಖಲಿಸಿ ವಾಪಸ್ ಊರಿಗೆ ಬರುವಾಗ ಚಾಲಕ ಸೇರಿ ವಾಹನದಲ್ಲಿ ಐವರು ಮಾತ್ರ ಇದ್ದರು. ರಾತ್ರಿ 11.40 ರ ಸುಮಾರಿಗೆ ಲಾಡ್ಲಾಪುರ ಸಮೀಪ ಬಂದಾಗ ಎದುರಿಗೆ ಬರುತ್ತಿದ್ದ ತಮಿಳುನಾಡು ಮೂಲದ ಲಾರಿ ಹಾಗೂ ಕ್ರೂಸರ್ ನಡುವೆ ಮುಖಾಮುಖಿ ಡಿಕ್ಕಿ ಸಂಭವಿಸಿದೆ. ಕ್ರೂಸರನಲ್ಲಿದ್ದ ಐವರೂ ಸ್ಥಳದಲ್ಲೇ ಸಾವನ್ನಪ್ಪಿದ್ದಾರೆ. ಅಪಘಾತಕ್ಕೆ ಕ್ರೂಸರ್ ಸಂಪೂರ್ಣ ನುಜ್ಜುಗುಜ್ಜಾಗಿದೆ. ಸ್ಥಳಕ್ಕೆ ಎಸ್ಪಿ ಅಡ್ಡೂರು ಶ್ರೀನಿವಾಸಲು, ಡಿವೈಎಸ್ಪಿ ಶಂಕರಗೌಡ ಪಾಟೀಲ, ಚಿತ್ತಾಪುರ ಸಿಪಿಐ ಸಿ.ಎಸ್.ಪಾಟೀಲ, ವಾಡಿ ಠಾಣೆಯ ಪಿಎಸ್???ಐ ಕೆ.ತಿರುಮಲೇಶ, ರೇಣುಕಾ ಉಡಾಗಿ ಪರಿಶೀಲನೆ ನಡೆಸಿದ್ದಾರೆ. ಶವಗಳನ್ನು ವಾಡಿ ಸರ್ಕಾರಿ ಸಮುದಾಯ ಆರೋಗ್ಯ ಕೇಂದ್ರಕ್ಕೆ ಶಿಫ್ಟ್ ಮಾಡಲಾಗಿದೆ. ಕುಟುಂಬದವರ ಆಕ್ರಂದನ ಮುಗಿಲು ಮುಟ್ಟಿದೆ. ಸಚಿವ ಪ್ರಿಯಾಂಕ್ ಖರ್ಗೆ, ಅಗತ್ಯ ನೆರವಿನ ಭರವಸೆ ಅಪಘಾತದ ಸುದ್ದಿಯ ಮನಸಿನಲ್ಲಿ ತಲ್ಲಣವನ್ನುಂಟುಮಾಡಿದೆ ಎಂದು ಗ್ರಾಮೀಣಾಭಿವೃದ್ಧಿ ಹಾಗೂ ಪಂಚಾಯತ್ ರಾಜ್ ಮತ್ತು ಕಲಬುರಗಿ ಜಿಲ್ಲಾ ಉಸ್ತುವಾರಿ ಸಚಿವ ಪ್ರಿಯಾಂಕ್ ಖರ್ಗೆ ದಿಗ್ಭ್ರಮೆ ವ್ಯಕ್ತಪಡಿಸಿದ್ದಾರೆ.
